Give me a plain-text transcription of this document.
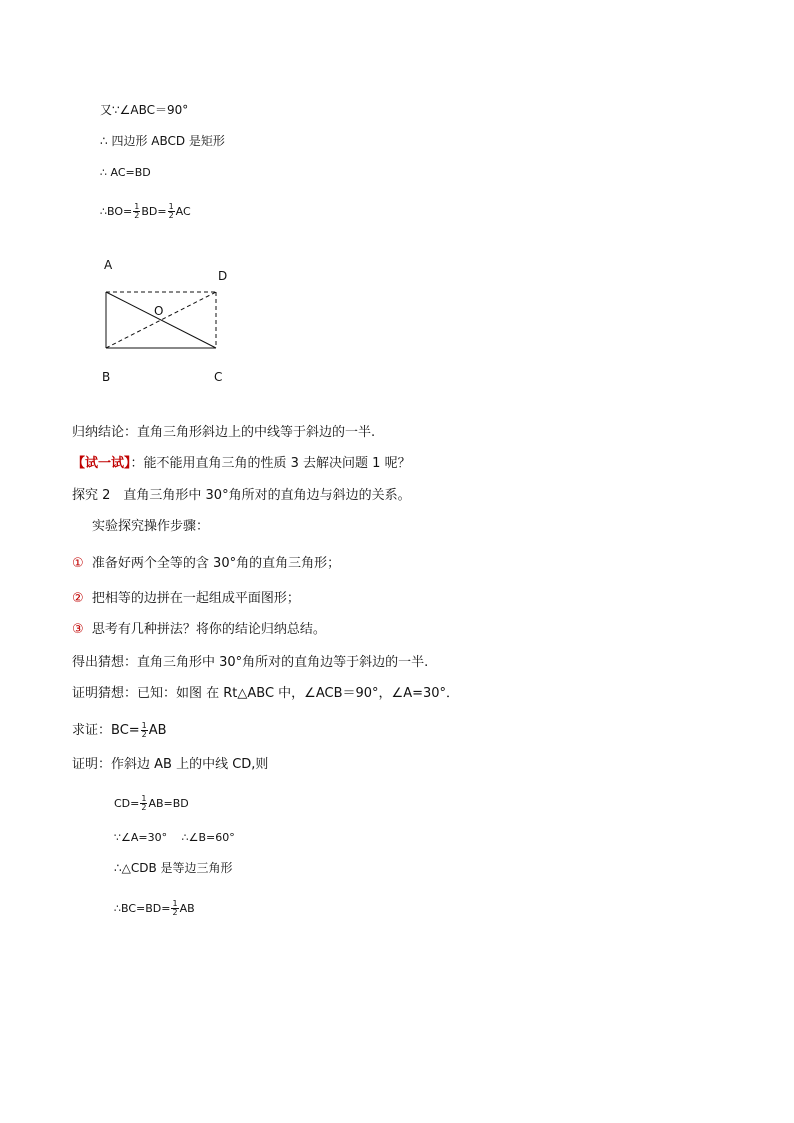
又∵∠ABC＝90°
∴ 四边形 ABCD 是矩形
∴ AC=BD
∴BO= $\frac{1}{2} BD= \frac{1}{2}$ AC
A
D
O
B	C
归纳结论：直角三角形斜边上的中线等于斜边的一半.
【试一试】：能不能用直角三角的性质 3 去解决问题 1 呢？
探究 2　直角三角形中 30°角所对的直角边与斜边的关系。
实验探究操作步骤：
① 准备好两个全等的含 30°角的直角三角形；
② 把相等的边拼在一起组成平面图形；
③ 思考有几种拼法？将你的结论归纳总结。
得出猜想：直角三角形中 30°角所对的直角边等于斜边的一半.
证明猜想：已知：如图 在 Rt△ABC 中，∠ACB＝90°，∠A=30°．
求证：$BC= \frac{1}{2}$ AB
证明：作斜边 AB 上的中线 CD,则
$CD= \frac{1}{2} AB=BD$
∵∠A=30°　 ∴∠B=60°
∴△CDB 是等边三角形
∴BC=BD= $\frac{1}{2}$ AB
